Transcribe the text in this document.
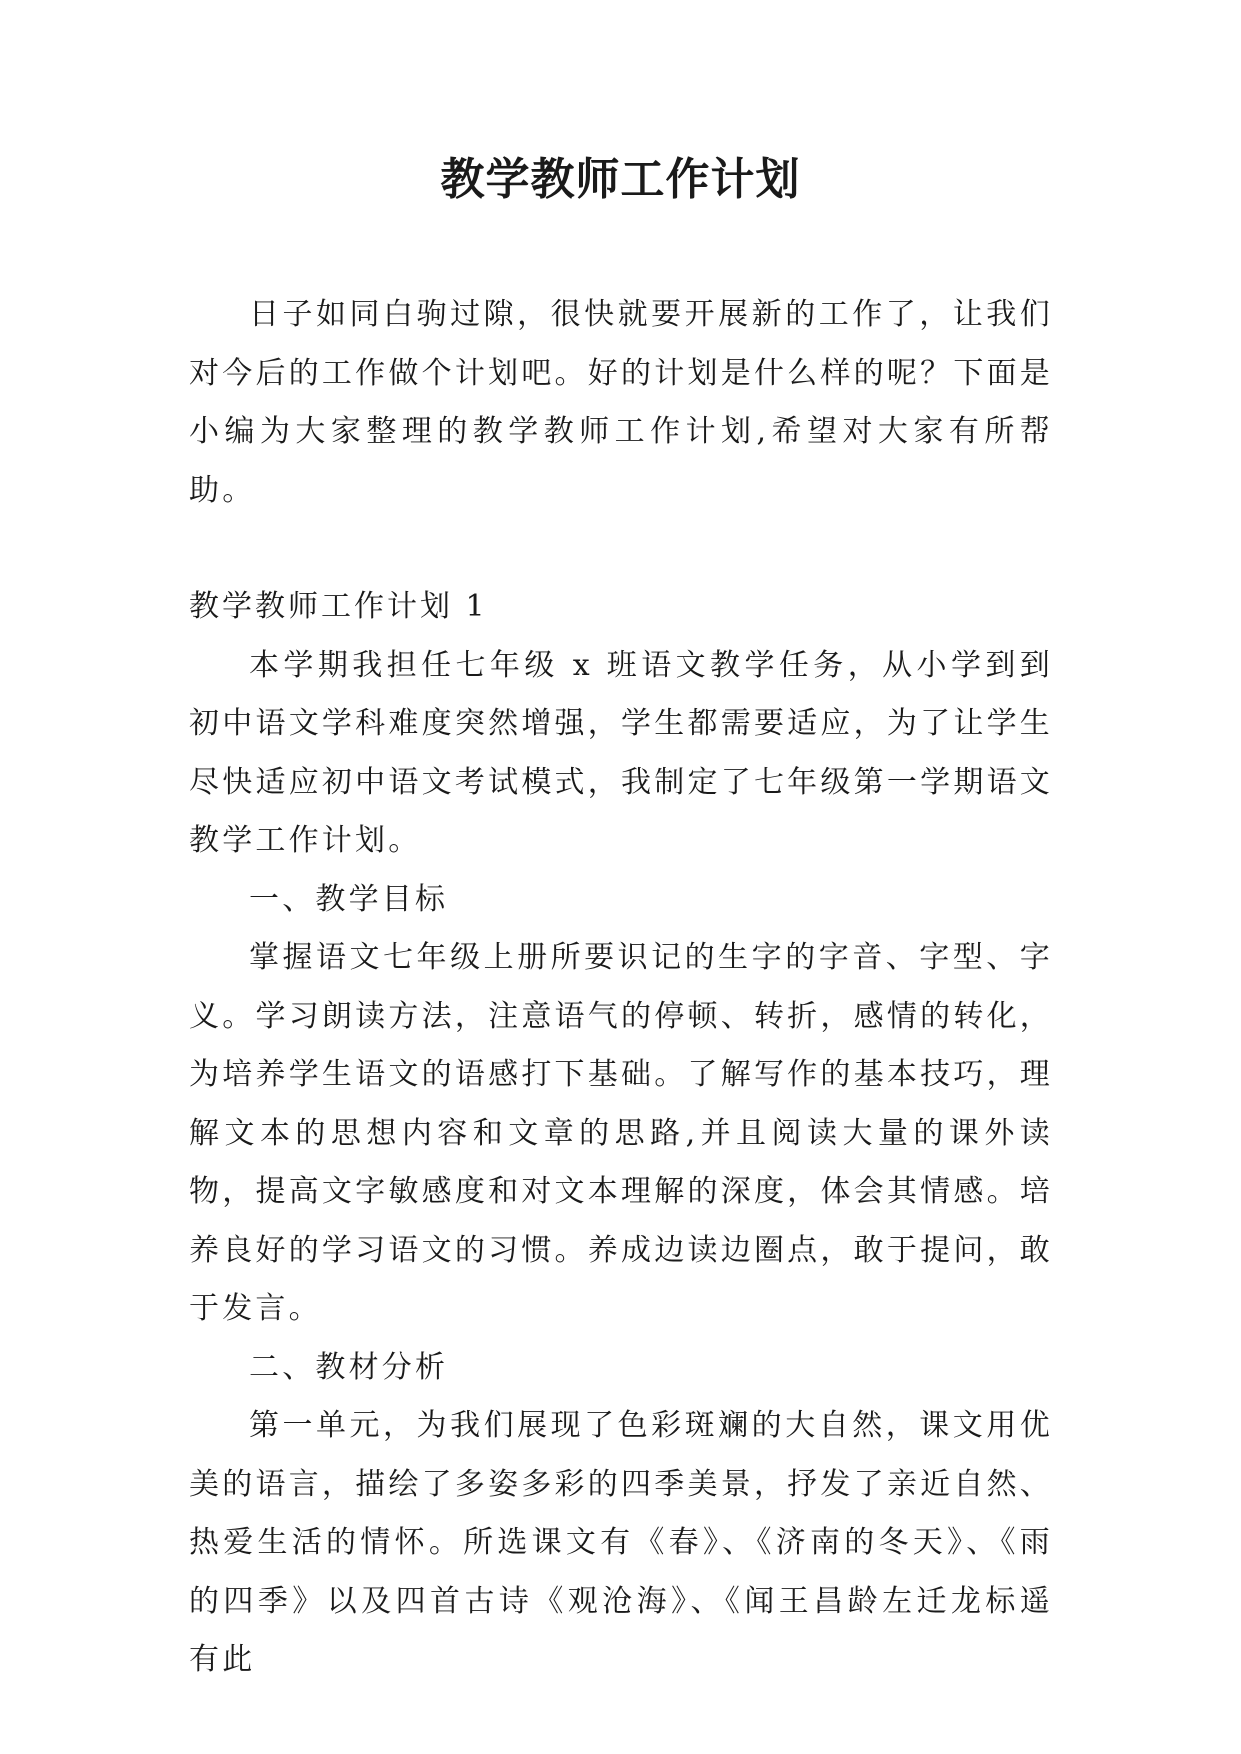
教学教师工作计划

日子如同白驹过隙，很快就要开展新的工作了，让我们对今后的工作做个计划吧。好的计划是什么样的呢？下面是小编为大家整理的教学教师工作计划,希望对大家有所帮助。

教学教师工作计划 1

本学期我担任七年级 x 班语文教学任务，从小学到到初中语文学科难度突然增强，学生都需要适应，为了让学生尽快适应初中语文考试模式，我制定了七年级第一学期语文教学工作计划。

一、教学目标

掌握语文七年级上册所要识记的生字的字音、字型、字义。学习朗读方法，注意语气的停顿、转折，感情的转化，为培养学生语文的语感打下基础。了解写作的基本技巧，理解文本的思想内容和文章的思路,并且阅读大量的课外读物，提高文字敏感度和对文本理解的深度，体会其情感。培养良好的学习语文的习惯。养成边读边圈点，敢于提问，敢于发言。

二、教材分析

第一单元，为我们展现了色彩斑斓的大自然，课文用优美的语言，描绘了多姿多彩的四季美景，抒发了亲近自然、热爱生活的情怀。所选课文有《春》、《济南的冬天》、《雨的四季》以及四首古诗《观沧海》、《闻王昌龄左迁龙标遥有此
